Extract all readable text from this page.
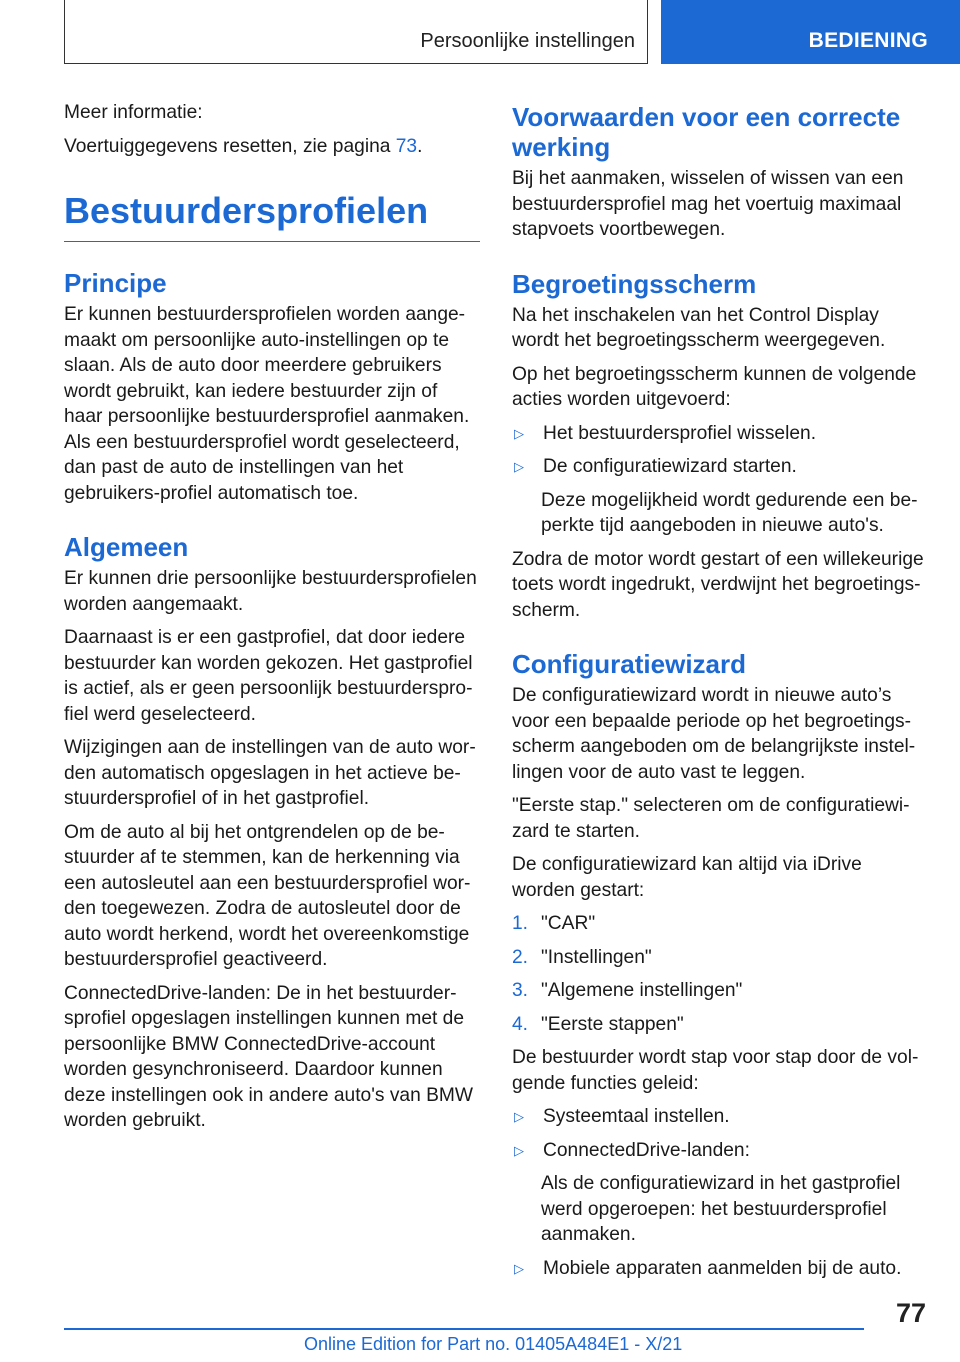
Persoonlijke instellingen	BEDIENING

Meer informatie:

Voertuiggegevens resetten, zie pagina 73.

Bestuurdersprofielen
Principe

Er kunnen bestuurdersprofielen worden aange-maakt om persoonlijke auto-instellingen op te slaan. Als de auto door meerdere gebruikers wordt gebruikt, kan iedere bestuurder zijn of haar persoonlijke bestuurdersprofiel aanmaken. Als een bestuurdersprofiel wordt geselecteerd, dan past de auto de instellingen van het gebruikers-profiel automatisch toe.

Algemeen

Er kunnen drie persoonlijke bestuurdersprofielen worden aangemaakt.

Daarnaast is er een gastprofiel, dat door iedere bestuurder kan worden gekozen. Het gastprofiel is actief, als er geen persoonlijk bestuurderspro-fiel werd geselecteerd.

Wijzigingen aan de instellingen van de auto wor-den automatisch opgeslagen in het actieve be-stuurdersprofiel of in het gastprofiel.

Om de auto al bij het ontgrendelen op de be-stuurder af te stemmen, kan de herkenning via een autosleutel aan een bestuurdersprofiel wor-den toegewezen. Zodra de autosleutel door de auto wordt herkend, wordt het overeenkomstige bestuurdersprofiel geactiveerd.

ConnectedDrive-landen: De in het bestuurder-sprofiel opgeslagen instellingen kunnen met de persoonlijke BMW ConnectedDrive-account worden gesynchroniseerd. Daardoor kunnen deze instellingen ook in andere auto's van BMW worden gebruikt.

Voorwaarden voor een correcte werking

Bij het aanmaken, wisselen of wissen van een bestuurdersprofiel mag het voertuig maximaal stapvoets voortbewegen.

Begroetingsscherm

Na het inschakelen van het Control Display wordt het begroetingsscherm weergegeven.

Op het begroetingsscherm kunnen de volgende acties worden uitgevoerd:

▷ Het bestuurdersprofiel wisselen.
▷ De configuratiewizard starten.

Deze mogelijkheid wordt gedurende een be-perkte tijd aangeboden in nieuwe auto's.

Zodra de motor wordt gestart of een willekeurige toets wordt ingedrukt, verdwijnt het begroetings-scherm.

Configuratiewizard

De configuratiewizard wordt in nieuwe auto’s voor een bepaalde periode op het begroetings-scherm aangeboden om de belangrijkste instel-lingen voor de auto vast te leggen.

"Eerste stap." selecteren om de configuratiewi-zard te starten.

De configuratiewizard kan altijd via iDrive worden gestart:

1. "CAR"
2. "Instellingen"
3. "Algemene instellingen"
4. "Eerste stappen"

De bestuurder wordt stap voor stap door de vol-gende functies geleid:

▷ Systeemtaal instellen.
▷ ConnectedDrive-landen:

Als de configuratiewizard in het gastprofiel werd opgeroepen: het bestuurdersprofiel aanmaken.

▷ Mobiele apparaten aanmelden bij de auto.
77
Online Edition for Part no. 01405A484E1 - X/21
